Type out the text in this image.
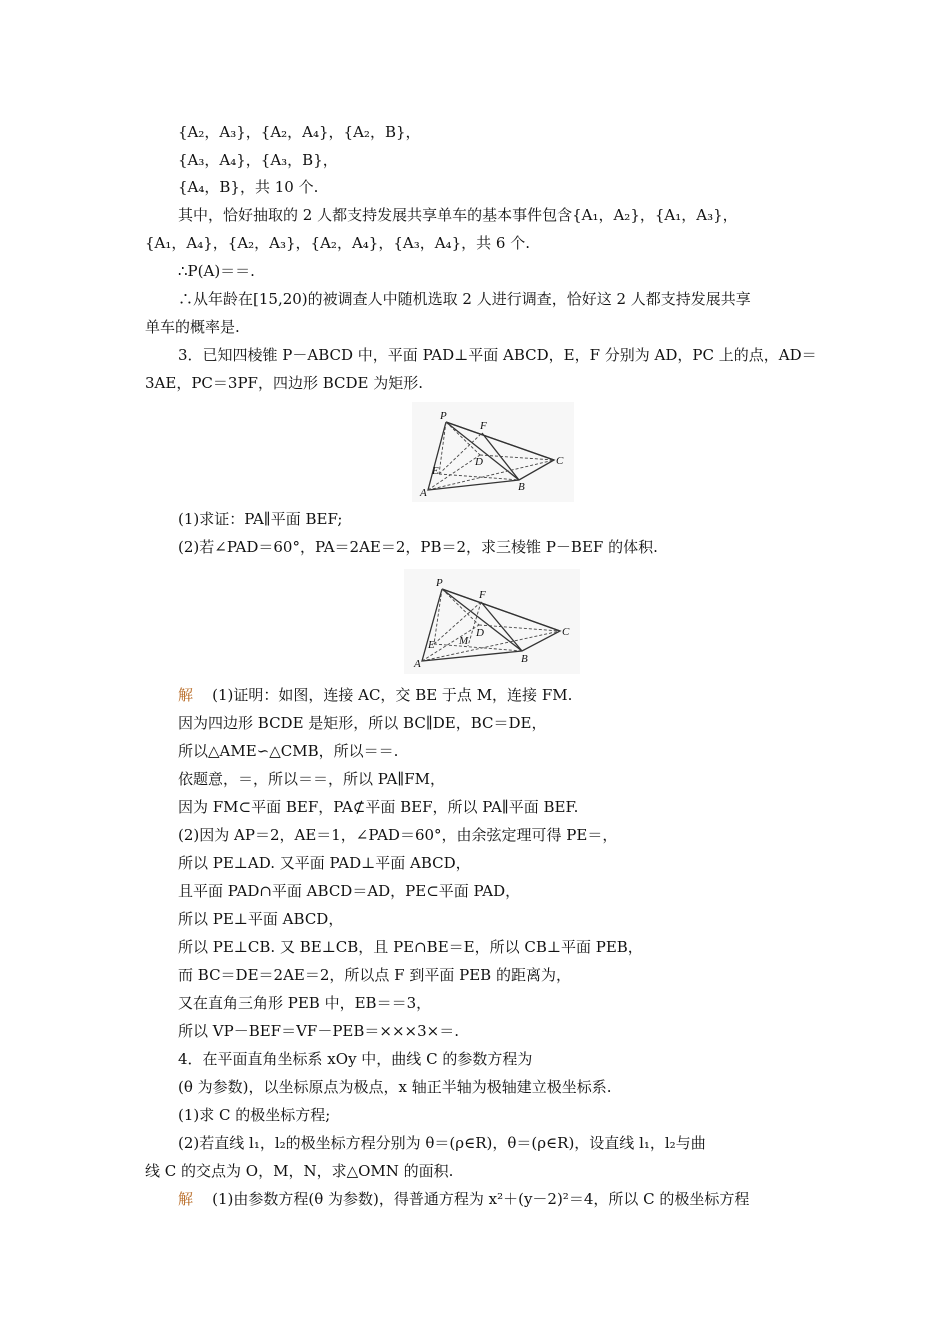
{A₂，A₃}，{A₂，A₄}，{A₂，B}，
{A₃，A₄}，{A₃，B}，
{A₄，B}，共 10 个.
其中，恰好抽取的 2 人都支持发展共享单车的基本事件包含{A₁，A₂}，{A₁，A₃}，
{A₁，A₄}，{A₂，A₃}，{A₂，A₄}，{A₃，A₄}，共 6 个.
∴P(A)＝＝.
∴从年龄在[15,20)的被调查人中随机选取 2 人进行调查，恰好这 2 人都支持发展共享
单车的概率是.
3．已知四棱锥 P－ABCD 中，平面 PAD⊥平面 ABCD，E，F 分别为 AD，PC 上的点，AD＝
3AE，PC＝3PF，四边形 BCDE 为矩形.
P
F
D	C
E
A	B
(1)求证：PA∥平面 BEF;
(2)若∠PAD＝60°，PA＝2AE＝2，PB＝2，求三棱锥 P－BEF 的体积.
P
F
D	C
E M
A	B
解 (1)证明：如图，连接 AC，交 BE 于点 M，连接 FM.
因为四边形 BCDE 是矩形，所以 BC∥DE，BC＝DE，
所以△AME∽△CMB，所以＝＝.
依题意，＝，所以＝＝，所以 PA∥FM，
因为 FM⊂平面 BEF，PA⊄平面 BEF，所以 PA∥平面 BEF.
(2)因为 AP＝2，AE＝1，∠PAD＝60°，由余弦定理可得 PE＝，
所以 PE⊥AD. 又平面 PAD⊥平面 ABCD，
且平面 PAD∩平面 ABCD＝AD，PE⊂平面 PAD，
所以 PE⊥平面 ABCD，
所以 PE⊥CB. 又 BE⊥CB，且 PE∩BE＝E，所以 CB⊥平面 PEB，
而 BC＝DE＝2AE＝2，所以点 F 到平面 PEB 的距离为，
又在直角三角形 PEB 中，EB＝＝3，
所以 VP－BEF＝VF－PEB＝×××3×＝.
4．在平面直角坐标系 xOy 中，曲线 C 的参数方程为
(θ 为参数)，以坐标原点为极点，x 轴正半轴为极轴建立极坐标系.
(1)求 C 的极坐标方程;
(2)若直线 l₁，l₂的极坐标方程分别为 θ＝(ρ∈R)，θ＝(ρ∈R)，设直线 l₁，l₂与曲
线 C 的交点为 O，M，N，求△OMN 的面积.
解 (1)由参数方程(θ 为参数)，得普通方程为 x²＋(y－2)²＝4，所以 C 的极坐标方程
